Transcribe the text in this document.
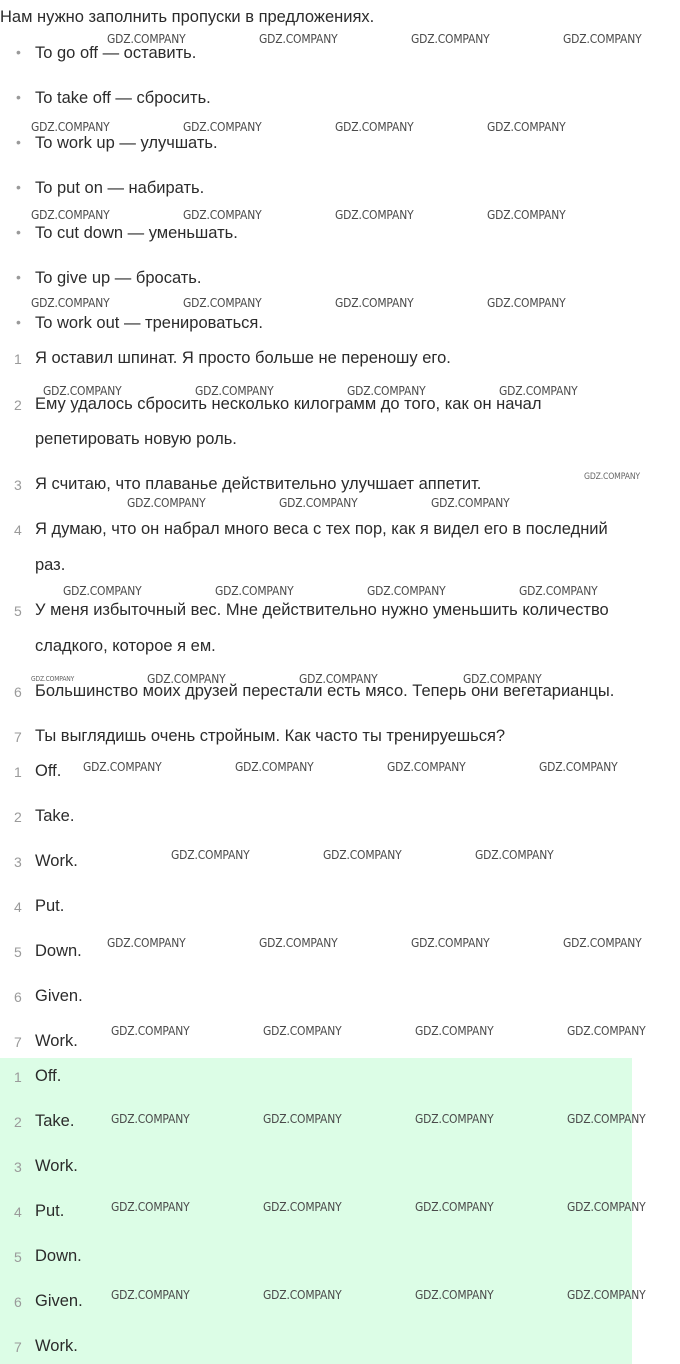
Нам нужно заполнить пропуски в предложениях.
• To go off — оставить.
• To take off — сбросить.
• To work up — улучшать.
• To put on — набирать.
• To cut down — уменьшать.
• To give up — бросать.
• To work out — тренироваться.
1 Я оставил шпинат. Я просто больше не переношу его.
2 Ему удалось сбросить несколько килограмм до того, как он начал
репетировать новую роль.
3 Я считаю, что плаванье действительно улучшает аппетит.
4 Я думаю, что он набрал много веса с тех пор, как я видел его в последний
раз.
5 У меня избыточный вес. Мне действительно нужно уменьшить количество
сладкого, которое я ем.
6 Большинство моих друзей перестали есть мясо. Теперь они вегетарианцы.
7 Ты выглядишь очень стройным. Как часто ты тренируешься?
1 Off.
2 Take.
3 Work.
4 Put.
5 Down.
6 Given.
7 Work.
1 Off.
2 Take.
3 Work.
4 Put.
5 Down.
6 Given.
7 Work.
GDZ.COMPANY	GDZ.COMPANY	GDZ.COMPANY	GDZ.COMPANY
GDZ.COMPANY	GDZ.COMPANY	GDZ.COMPANY	GDZ.COMPANY
GDZ.COMPANY	GDZ.COMPANY	GDZ.COMPANY	GDZ.COMPANY
GDZ.COMPANY	GDZ.COMPANY	GDZ.COMPANY	GDZ.COMPANY
GDZ.COMPANY	GDZ.COMPANY	GDZ.COMPANY	GDZ.COMPANY
GDZ.COMPANY
GDZ.COMPANY	GDZ.COMPANY	GDZ.COMPANY
GDZ.COMPANY	GDZ.COMPANY	GDZ.COMPANY	GDZ.COMPANY
GDZ.COMPANY	GDZ.COMPANY	GDZ.COMPANY	GDZ.COMPANY
GDZ.COMPANY	GDZ.COMPANY	GDZ.COMPANY	GDZ.COMPANY
GDZ.COMPANY	GDZ.COMPANY	GDZ.COMPANY
GDZ.COMPANY	GDZ.COMPANY	GDZ.COMPANY	GDZ.COMPANY
GDZ.COMPANY	GDZ.COMPANY	GDZ.COMPANY	GDZ.COMPANY
GDZ.COMPANY	GDZ.COMPANY	GDZ.COMPANY	GDZ.COMPANY
GDZ.COMPANY	GDZ.COMPANY	GDZ.COMPANY	GDZ.COMPANY
GDZ.COMPANY	GDZ.COMPANY	GDZ.COMPANY	GDZ.COMPANY
